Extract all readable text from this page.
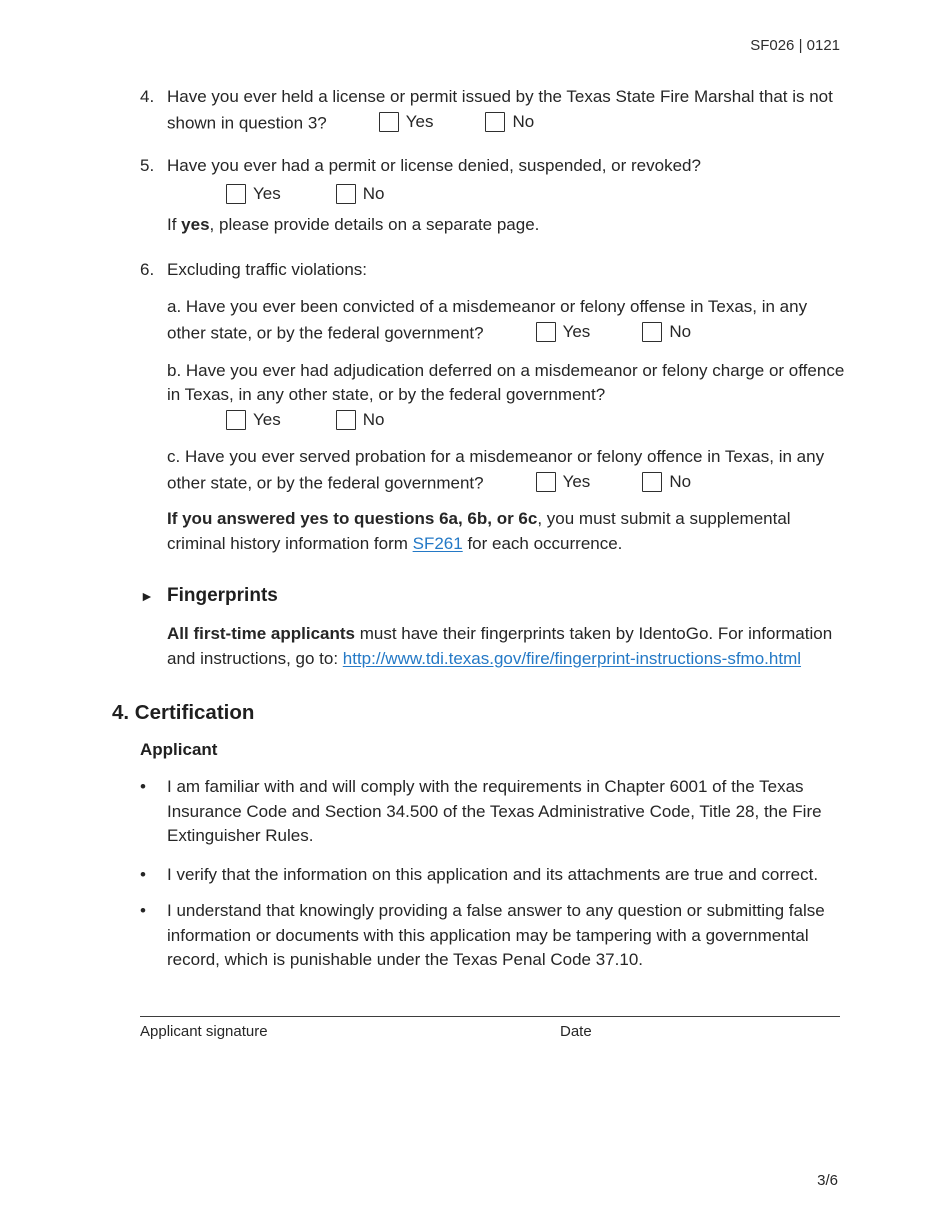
SF026 | 0121
4. Have you ever held a license or permit issued by the Texas State Fire Marshal that is not shown in question 3?	Yes	No
5. Have you ever had a permit or license denied, suspended, or revoked?
Yes	No
If yes, please provide details on a separate page.
6. Excluding traffic violations:
a. Have you ever been convicted of a misdemeanor or felony offense in Texas, in any other state, or by the federal government?	Yes	No
b. Have you ever had adjudication deferred on a misdemeanor or felony charge or offence in Texas, in any other state, or by the federal government?
Yes	No
c. Have you ever served probation for a misdemeanor or felony offence in Texas, in any other state, or by the federal government?	Yes	No
If you answered yes to questions 6a, 6b, or 6c, you must submit a supplemental criminal history information form SF261 for each occurrence.
► Fingerprints
All first-time applicants must have their fingerprints taken by IdentoGo. For information and instructions, go to: http://www.tdi.texas.gov/fire/fingerprint-instructions-sfmo.html
4. Certification
Applicant
•	I am familiar with and will comply with the requirements in Chapter 6001 of the Texas Insurance Code and Section 34.500 of the Texas Administrative Code, Title 28, the Fire Extinguisher Rules.
•	I verify that the information on this application and its attachments are true and correct.
•	I understand that knowingly providing a false answer to any question or submitting false information or documents with this application may be tampering with a governmental record, which is punishable under the Texas Penal Code 37.10.
Applicant signature	Date
3/6
